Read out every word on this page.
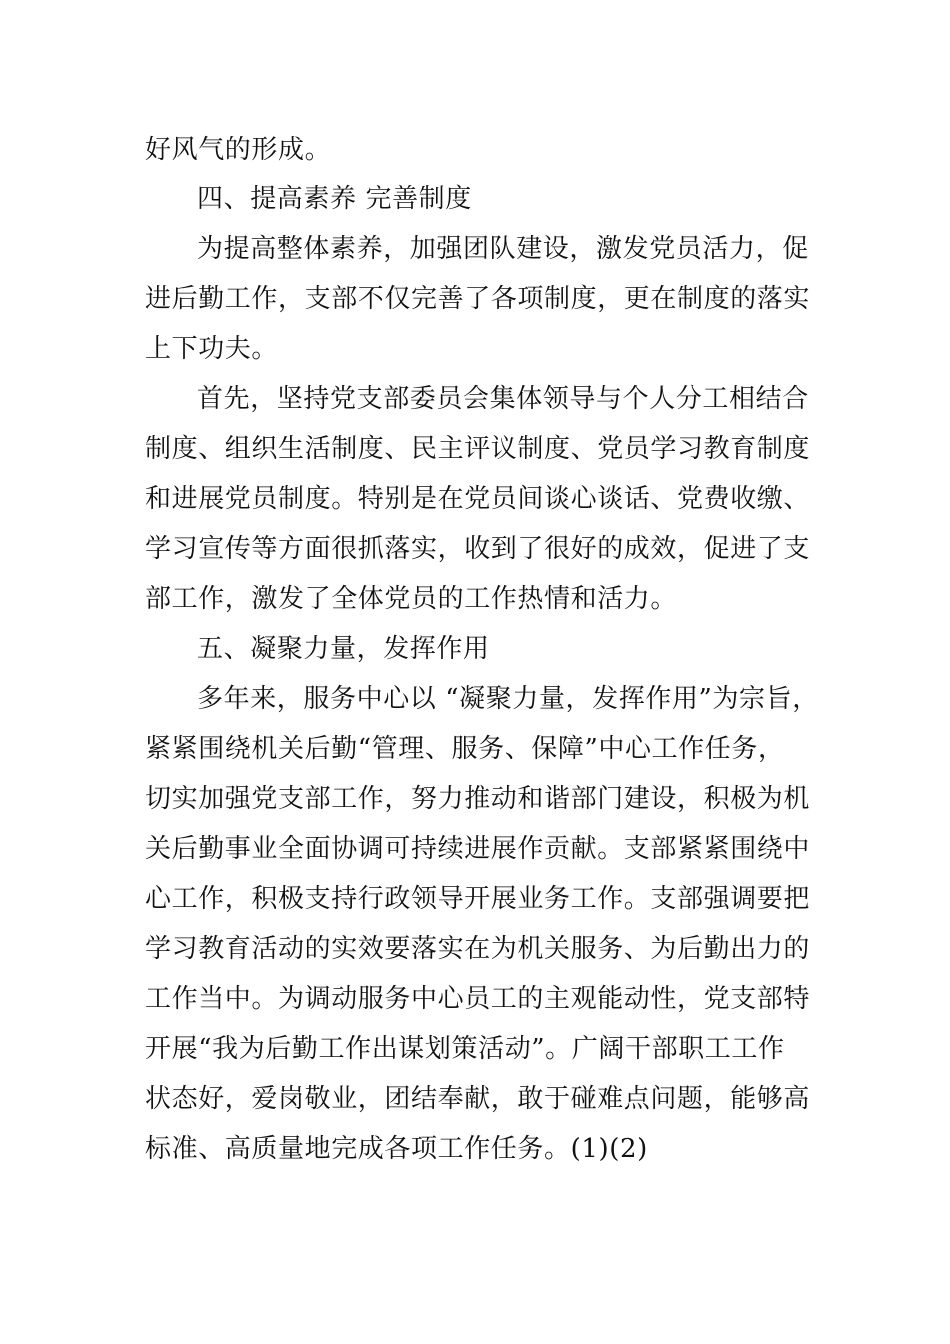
好风气的形成。
四、提高素养 完善制度
为提高整体素养，加强团队建设，激发党员活力，促
进后勤工作，支部不仅完善了各项制度，更在制度的落实
上下功夫。
首先，坚持党支部委员会集体领导与个人分工相结合
制度、组织生活制度、民主评议制度、党员学习教育制度
和进展党员制度。特别是在党员间谈心谈话、党费收缴、
学习宣传等方面很抓落实，收到了很好的成效，促进了支
部工作，激发了全体党员的工作热情和活力。
五、凝聚力量，发挥作用
多年来，服务中心以 “凝聚力量，发挥作用”为宗旨，
紧紧围绕机关后勤“管理、服务、保障”中心工作任务，
切实加强党支部工作，努力推动和谐部门建设，积极为机
关后勤事业全面协调可持续进展作贡献。支部紧紧围绕中
心工作，积极支持行政领导开展业务工作。支部强调要把
学习教育活动的实效要落实在为机关服务、为后勤出力的
工作当中。为调动服务中心员工的主观能动性，党支部特
开展“我为后勤工作出谋划策活动”。广阔干部职工工作
状态好，爱岗敬业，团结奉献，敢于碰难点问题，能够高
标准、高质量地完成各项工作任务。(1)(2)
